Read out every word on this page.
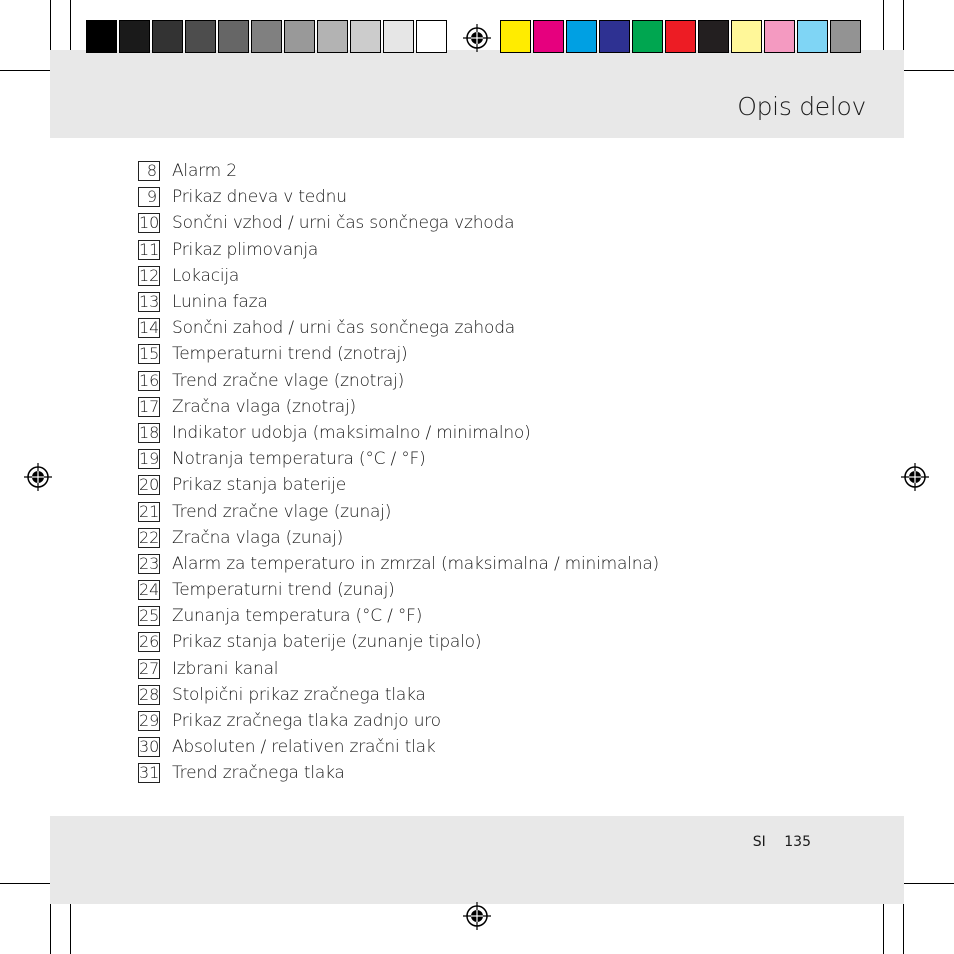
Opis delov
8 Alarm 2
9 Prikaz dneva v tednu
10 Sončni vzhod / urni čas sončnega vzhoda
11 Prikaz plimovanja
12 Lokacija
13 Lunina faza
14 Sončni zahod / urni čas sončnega zahoda
15 Temperaturni trend (znotraj)
16 Trend zračne vlage (znotraj)
17 Zračna vlaga (znotraj)
18 Indikator udobja (maksimalno / minimalno)
19 Notranja temperatura (°C / °F)
20 Prikaz stanja baterije
21 Trend zračne vlage (zunaj)
22 Zračna vlaga (zunaj)
23 Alarm za temperaturo in zmrzal (maksimalna / minimalna)
24 Temperaturni trend (zunaj)
25 Zunanja temperatura (°C / °F)
26 Prikaz stanja baterije (zunanje tipalo)
27 Izbrani kanal
28 Stolpični prikaz zračnega tlaka
29 Prikaz zračnega tlaka zadnjo uro
30 Absoluten / relativen zračni tlak
31 Trend zračnega tlaka
SI 135
